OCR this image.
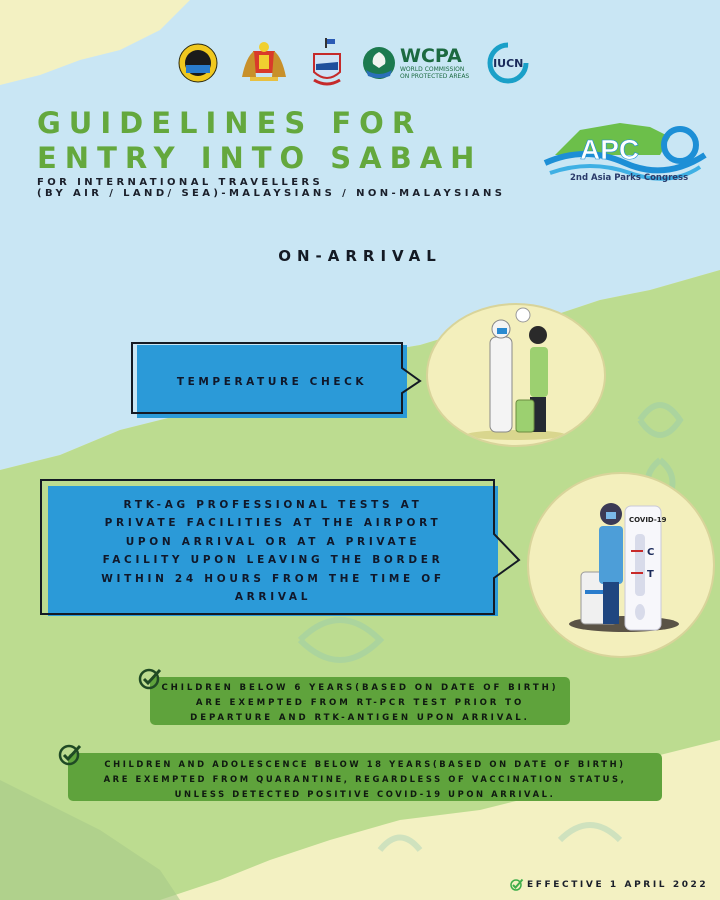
WCPA
WORLD COMMISSION
ON PROTECTED AREAS
IUCN
GUIDELINES FOR
ENTRY INTO SABAH
FOR INTERNATIONAL TRAVELLERS
(BY AIR / LAND/ SEA)-MALAYSIANS / NON-MALAYSIANS
APC
2nd Asia Parks Congress
ON-ARRIVAL
TEMPERATURE CHECK
RTK-AG PROFESSIONAL TESTS AT
PRIVATE FACILITIES AT THE AIRPORT
UPON ARRIVAL OR AT A PRIVATE
FACILITY UPON LEAVING THE BORDER
WITHIN 24 HOURS FROM THE TIME OF
ARRIVAL
COVID-19
C
T
CHILDREN BELOW 6 YEARS(BASED ON DATE OF BIRTH)
ARE EXEMPTED FROM RT-PCR TEST PRIOR TO
DEPARTURE AND RTK-ANTIGEN UPON ARRIVAL.
CHILDREN AND ADOLESCENCE BELOW 18 YEARS(BASED ON DATE OF BIRTH)
ARE EXEMPTED FROM QUARANTINE, REGARDLESS OF VACCINATION STATUS,
UNLESS DETECTED POSITIVE COVID-19 UPON ARRIVAL.
EFFECTIVE 1 APRIL 2022
